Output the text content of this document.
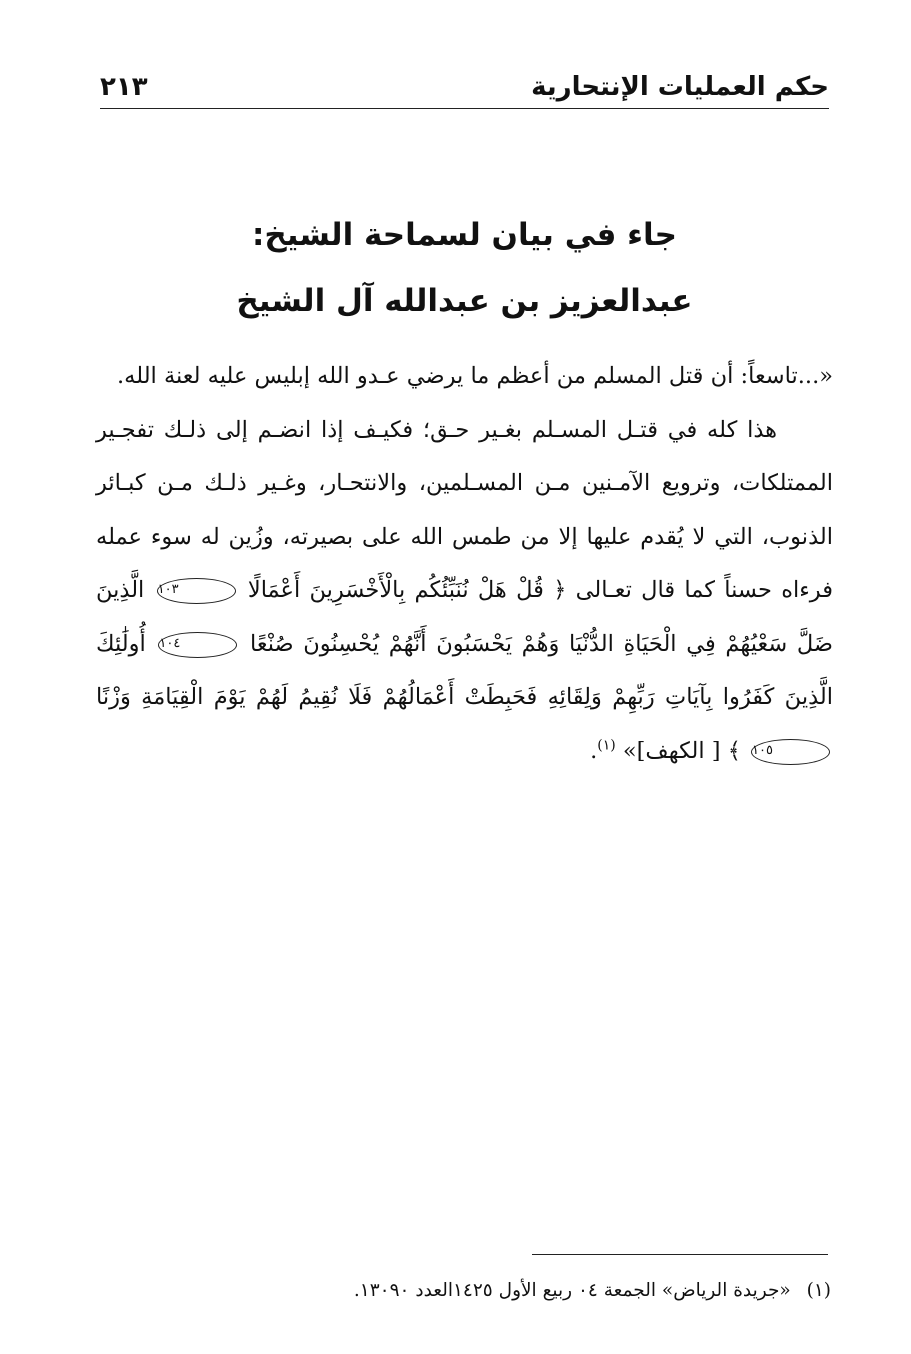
حكم العمليات الإنتحارية
٢١٣
جاء في بيان لسماحة الشيخ:
عبدالعزيز بن عبدالله آل الشيخ

«...تاسعاً: أن قتل المسلم من أعظم ما يرضي عـدو الله إبليس عليه لعنة الله.

هذا كله في قتـل المسـلم بغـير حـق؛ فكيـف إذا انضـم إلى ذلـك تفجـير الممتلكات، وترويع الآمـنين مـن المسـلمين، والانتحـار، وغـير ذلـك مـن كبـائر الذنوب، التي لا يُقدم عليها إلا من طمس الله على بصيرته، وزُين له سوء عمله فرءاه حسناً كما قال تعـالى ﴿ قُلْ هَلْ نُنَبِّئُكُم بِالْأَخْسَرِينَ أَعْمَالًا ١٠٣ الَّذِينَ ضَلَّ سَعْيُهُمْ فِي الْحَيَاةِ الدُّنْيَا وَهُمْ يَحْسَبُونَ أَنَّهُمْ يُحْسِنُونَ صُنْعًا ١٠٤ أُولَٰئِكَ الَّذِينَ كَفَرُوا بِآيَاتِ رَبِّهِمْ وَلِقَائِهِ فَحَبِطَتْ أَعْمَالُهُمْ فَلَا نُقِيمُ لَهُمْ يَوْمَ الْقِيَامَةِ وَزْنًا ١٠٥ ﴾ [ الكهف]» $^{(١)}$.

(١) «جريدة الرياض» الجمعة ٠٤ ربيع الأول ١٤٢٥العدد ١٣٠٩٠.
